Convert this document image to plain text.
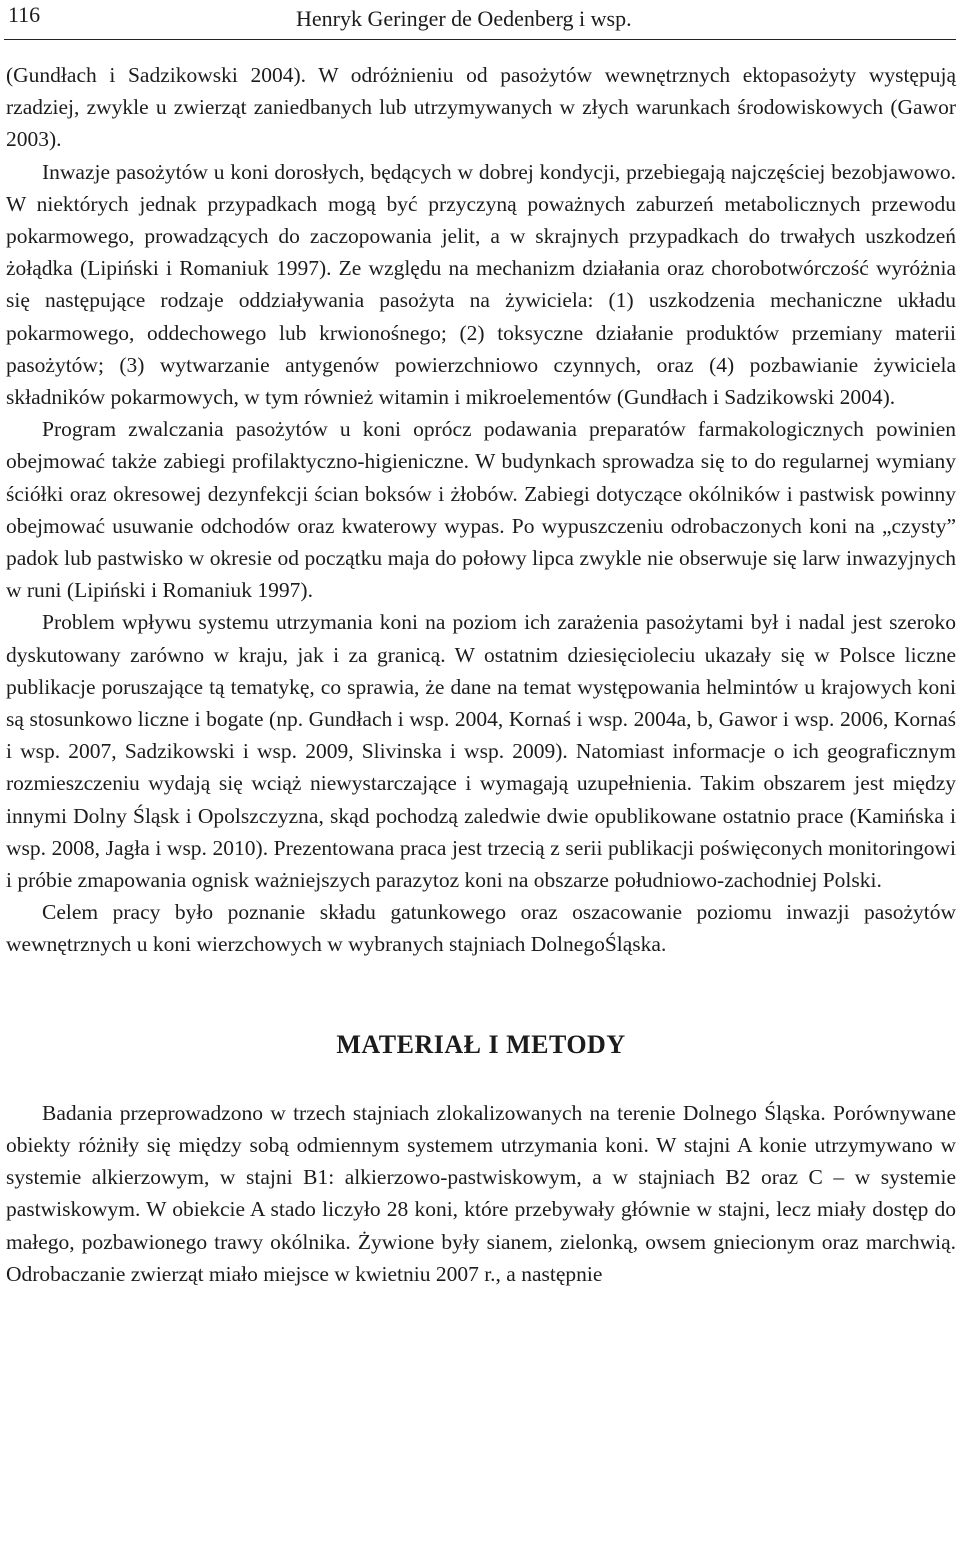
116	Henryk Geringer de Oedenberg i wsp.

(Gundłach i Sadzikowski 2004). W odróżnieniu od pasożytów wewnętrznych ektopasożyty występują rzadziej, zwykle u zwierząt zaniedbanych lub utrzymywanych w złych warunkach środowiskowych (Gawor 2003).

Inwazje pasożytów u koni dorosłych, będących w dobrej kondycji, przebiegają najczęściej bezobjawowo. W niektórych jednak przypadkach mogą być przyczyną poważnych zaburzeń metabolicznych przewodu pokarmowego, prowadzących do zaczopowania jelit, a w skrajnych przypadkach do trwałych uszkodzeń żołądka (Lipiński i Romaniuk 1997). Ze względu na mechanizm działania oraz chorobotwórczość wyróżnia się następujące rodzaje oddziaływania pasożyta na żywiciela: (1) uszkodzenia mechaniczne układu pokarmowego, oddechowego lub krwionośnego; (2) toksyczne działanie produktów przemiany materii pasożytów; (3) wytwarzanie antygenów powierzchniowo czynnych, oraz (4) pozbawianie żywiciela składników pokarmowych, w tym również witamin i mikroelementów (Gundłach i Sadzikowski 2004).

Program zwalczania pasożytów u koni oprócz podawania preparatów farmakologicznych powinien obejmować także zabiegi profilaktyczno-higieniczne. W budynkach sprowadza się to do regularnej wymiany ściółki oraz okresowej dezynfekcji ścian boksów i żłobów. Zabiegi dotyczące okólników i pastwisk powinny obejmować usuwanie odchodów oraz kwaterowy wypas. Po wypuszczeniu odrobaczonych koni na „czysty” padok lub pastwisko w okresie od początku maja do połowy lipca zwykle nie obserwuje się larw inwazyjnych w runi (Lipiński i Romaniuk 1997).

Problem wpływu systemu utrzymania koni na poziom ich zarażenia pasożytami był i nadal jest szeroko dyskutowany zarówno w kraju, jak i za granicą. W ostatnim dziesięcioleciu ukazały się w Polsce liczne publikacje poruszające tą tematykę, co sprawia, że dane na temat występowania helmintów u krajowych koni są stosunkowo liczne i bogate (np. Gundłach i wsp. 2004, Kornaś i wsp. 2004a, b, Gawor i wsp. 2006, Kornaś i wsp. 2007, Sadzikowski i wsp. 2009, Slivinska i wsp. 2009). Natomiast informacje o ich geograficznym rozmieszczeniu wydają się wciąż niewystarczające i wymagają uzupełnienia. Takim obszarem jest między innymi Dolny Śląsk i Opolszczyzna, skąd pochodzą zaledwie dwie opublikowane ostatnio prace (Kamińska i wsp. 2008, Jagła i wsp. 2010). Prezentowana praca jest trzecią z serii publikacji poświęconych monitoringowi i próbie zmapowania ognisk ważniejszych parazytoz koni na obszarze południowo-zachodniej Polski.

Celem pracy było poznanie składu gatunkowego oraz oszacowanie poziomu inwazji pasożytów wewnętrznych u koni wierzchowych w wybranych stajniach DolnegoŚląska.

MATERIAŁ I METODY

Badania przeprowadzono w trzech stajniach zlokalizowanych na terenie Dolnego Śląska. Porównywane obiekty różniły się między sobą odmiennym systemem utrzymania koni. W stajni A konie utrzymywano w systemie alkierzowym, w stajni B1: alkierzowo-pastwiskowym, a w stajniach B2 oraz C – w systemie pastwiskowym. W obiekcie A stado liczyło 28 koni, które przebywały głównie w stajni, lecz miały dostęp do małego, pozbawionego trawy okólnika. Żywione były sianem, zielonką, owsem gniecionym oraz marchwią. Odrobaczanie zwierząt miało miejsce w kwietniu 2007 r., a następnie
